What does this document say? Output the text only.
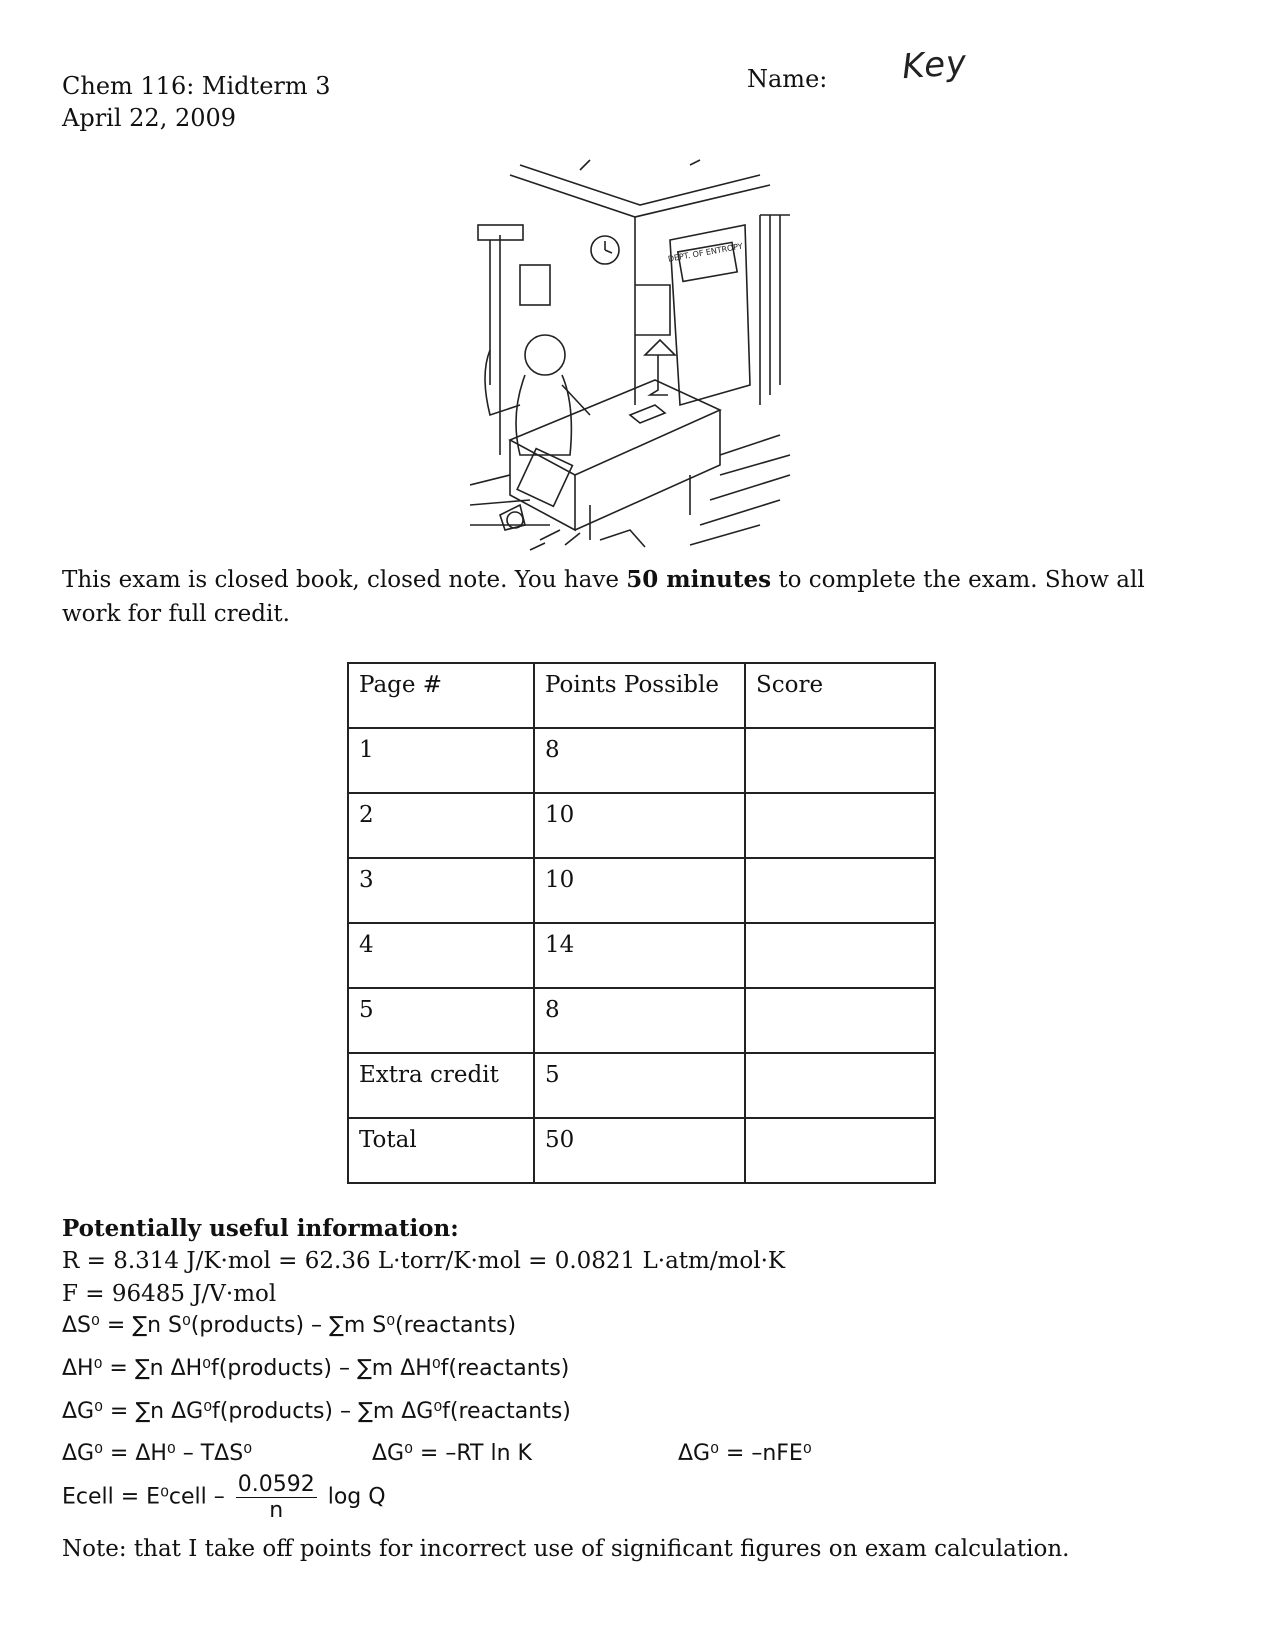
Chem 116: Midterm 3
April 22, 2009
Name: Key
DEPT. OF ENTROPY
This exam is closed book, closed note. You have 50 minutes to complete the exam. Show all work for full credit.
Page #	Points Possible	Score
1	8	
2	10	
3	10	
4	14	
5	8	
Extra credit	5	
Total	50	
Potentially useful information:
R = 8.314 J/K·mol = 62.36 L·torr/K·mol = 0.0821 L·atm/mol·K
F = 96485 J/V·mol
ΔS⁰ = ∑n S⁰(products) – ∑m S⁰(reactants)
ΔH⁰ = ∑n ΔH⁰f(products) – ∑m ΔH⁰f(reactants)
ΔG⁰ = ∑n ΔG⁰f(products) – ∑m ΔG⁰f(reactants)
ΔG⁰ = ΔH⁰ – TΔS⁰	ΔG⁰ = –RT ln K	ΔG⁰ = –nFE⁰
Ecell = E⁰cell – $\frac{0.0592}{n}$ log Q
Note: that I take off points for incorrect use of significant figures on exam calculation.
